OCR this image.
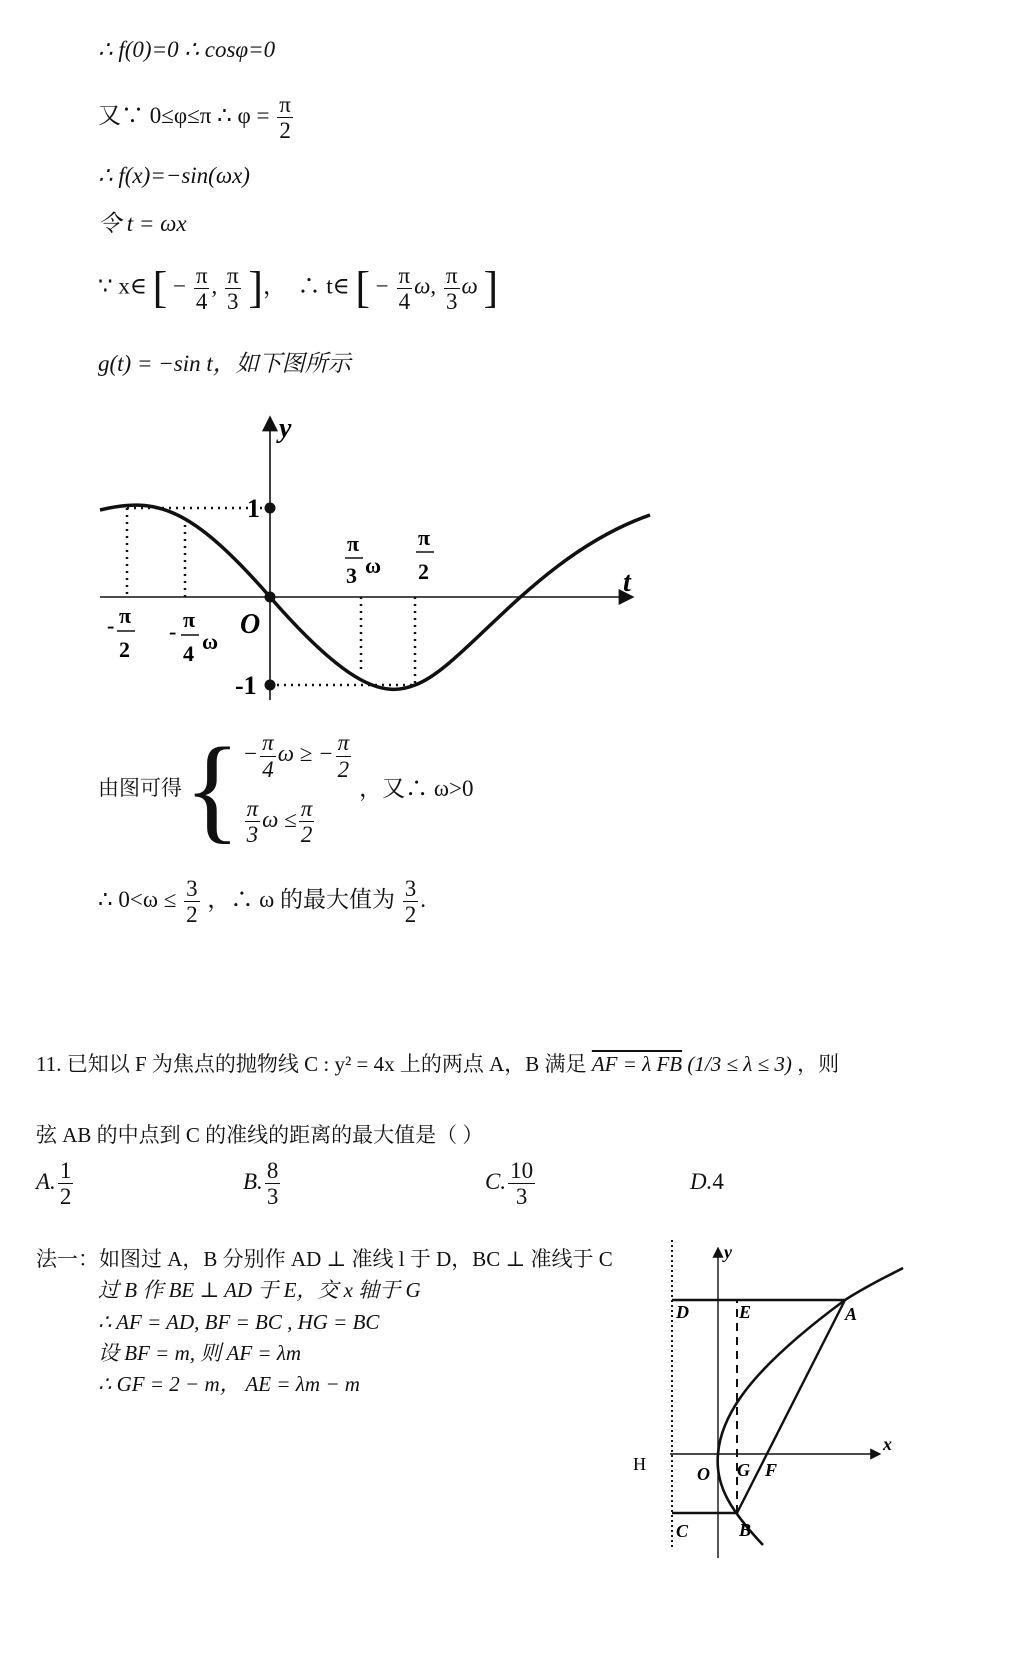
∴ f(0)=0 ∴ cosφ=0
又∵ 0≤φ≤π ∴ $\varphi = \frac{\pi}{2}$
∴ f(x)=−sin(ωx)
令 t = ωx
∵ x∈ [ − $\frac{\pi}{4}$ , $\frac{\pi}{3}$ ]，  ∴ t∈ [ − $\frac{\pi}{4} \omega$, $\frac{\pi}{3}$ ω ]
g(t) = −sin t，如下图所示
y
t
O
1
-1
π
3 ω
π
2
- π
2
- π
4 ω
由图可得 { − $\frac{\pi}{4}$ ω ≥ − $\frac{\pi}{2}$
$\frac{\pi}{3}$ $\omega \le \frac{\pi}{2}$
，又∴ ω>0
∴ $0<\omega \le \frac{3}{2}$ ，∴ ω 的最大值为 $\frac{3}{2}$ .
11. 已知以 F 为焦点的抛物线 C : y² = 4x 上的两点 A，B 满足 AF = λ FB (1/3 ≤ λ ≤ 3) ，则
弦 AB 的中点到 C 的准线的距离的最大值是（ ）
A. $\frac{1}{2}$	B. $\frac{8}{3}$	C. $\frac{10}{3}$	D.4
法一：如图过 A，B 分别作 AD ⊥ 准线 l 于 D，BC ⊥ 准线于 C
过 B 作 BE ⊥ AD 于 E，交 x 轴于 G
∴ AF = AD, BF = BC , HG = BC
设 BF = m, 则 AF = λm
∴ GF = 2 − m， AE = λm − m
y
x
D	E	A
H	O G F
B
C
